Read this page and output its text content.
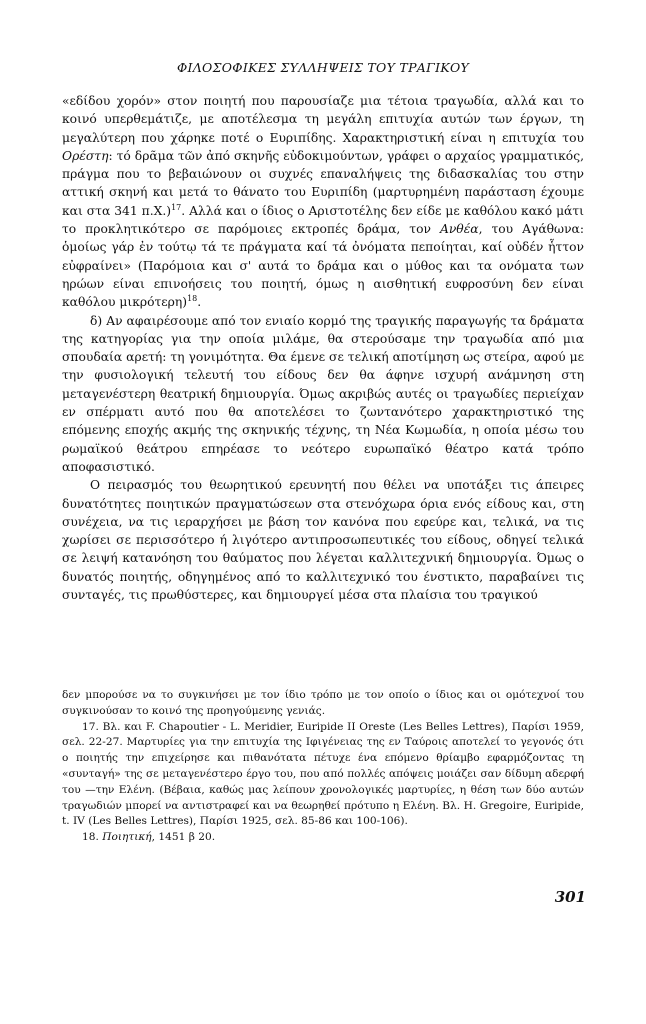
ΦΙΛΟΣΟΦΙΚΕΣ ΣΥΛΛΗΨΕΙΣ ΤΟΥ ΤΡΑΓΙΚΟΥ

«εδίδου χορόν» στον ποιητή που παρουσίαζε μια τέτοια τραγωδία, αλλά και το κοινό υπερθεμάτιζε, με αποτέλεσμα τη μεγάλη επιτυχία αυτών των έργων, τη μεγαλύτερη που χάρηκε ποτέ ο Ευριπίδης. Χαρακτηριστική είναι η επιτυχία του Ορέστη: τό δρᾶμα τῶν ἀπό σκηνῆς εὐδοκιμούντων, γράφει ο αρχαίος γραμματικός, πράγμα που το βεβαιώνουν οι συχνές επαναλήψεις της διδασκαλίας του στην αττική σκηνή και μετά το θάνατο του Ευριπίδη (μαρτυρημένη παράσταση έχουμε και στα 341 π.Χ.)$^{17}$. Αλλά και ο ίδιος ο Αριστοτέλης δεν είδε με καθόλου κακό μάτι το προκλητικότερο σε παρόμοιες εκτροπές δράμα, τον Ανθέα, του Αγάθωνα: ὁμοίως γάρ ἐν τούτῳ τά τε πράγματα καί τά ὀνόματα πεποίηται, καί οὐδέν ἧττον εὐφραίνει» (Παρόμοια και σ' αυτά το δράμα και ο μύθος και τα ονόματα των ηρώων είναι επινοήσεις του ποιητή, όμως η αισθητική ευφροσύνη δεν είναι καθόλου μικρότερη)$^{18}$.

δ) Αν αφαιρέσουμε από τον ενιαίο κορμό της τραγικής παραγωγής τα δράματα της κατηγορίας για την οποία μιλάμε, θα στερούσαμε την τραγωδία από μια σπουδαία αρετή: τη γονιμότητα. Θα έμενε σε τελική αποτίμηση ως στείρα, αφού με την φυσιολογική τελευτή του είδους δεν θα άφηνε ισχυρή ανάμνηση στη μεταγενέστερη θεατρική δημιουργία. Όμως ακριβώς αυτές οι τραγωδίες περιείχαν εν σπέρματι αυτό που θα αποτελέσει το ζωντανότερο χαρακτηριστικό της επόμενης εποχής ακμής της σκηνικής τέχνης, τη Νέα Κωμωδία, η οποία μέσω του ρωμαϊκού θεάτρου επηρέασε το νεότερο ευρωπαϊκό θέατρο κατά τρόπο αποφασιστικό.

Ο πειρασμός του θεωρητικού ερευνητή που θέλει να υποτάξει τις άπειρες δυνατότητες ποιητικών πραγματώσεων στα στενόχωρα όρια ενός είδους και, στη συνέχεια, να τις ιεραρχήσει με βάση τον κανόνα που εφεύρε και, τελικά, να τις χωρίσει σε περισσότερο ή λιγότερο αντιπροσωπευτικές του είδους, οδηγεί τελικά σε λειψή κατανόηση του θαύματος που λέγεται καλλιτεχνική δημιουργία. Όμως ο δυνατός ποιητής, οδηγημένος από το καλλιτεχνικό του ένστικτο, παραβαίνει τις συνταγές, τις πρωθύστερες, και δημιουργεί μέσα στα πλαίσια του τραγικού

δεν μπορούσε να το συγκινήσει με τον ίδιο τρόπο με τον οποίο ο ίδιος και οι ομότεχνοί του συγκινούσαν το κοινό της προηγούμενης γενιάς.

17. Βλ. και F. Chapoutier - L. Meridier, Euripide II Oreste (Les Belles Lettres), Παρίσι 1959, σελ. 22-27. Μαρτυρίες για την επιτυχία της Ιφιγένειας της εν Ταύροις αποτελεί το γεγονός ότι ο ποιητής την επιχείρησε και πιθανότατα πέτυχε ένα επόμενο θρίαμβο εφαρμόζοντας τη «συνταγή» της σε μεταγενέστερο έργο του, που από πολλές απόψεις μοιάζει σαν δίδυμη αδερφή του —την Ελένη. (Βέβαια, καθώς μας λείπουν χρονολογικές μαρτυρίες, η θέση των δύο αυτών τραγωδιών μπορεί να αντιστραφεί και να θεωρηθεί πρότυπο η Ελένη. Βλ. H. Gregoire, Euripide, t. IV (Les Belles Lettres), Παρίσι 1925, σελ. 85-86 και 100-106).

18. Ποιητική, 1451 β 20.

301
